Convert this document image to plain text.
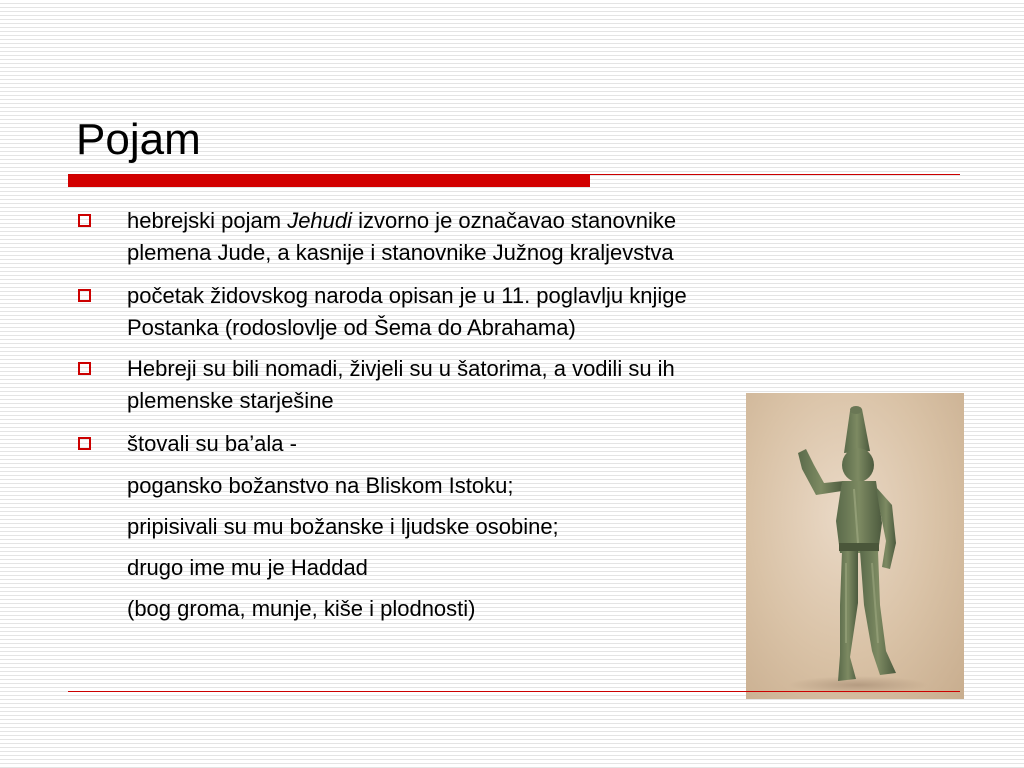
Pojam
hebrejski pojam Jehudi izvorno je označavao stanovnike
plemena Jude, a kasnije i stanovnike Južnog kraljevstva
početak židovskog naroda opisan je u 11. poglavlju knjige
Postanka (rodoslovlje od Šema do Abrahama)
Hebreji su bili nomadi, živjeli su u šatorima, a vodili su ih
plemenske starješine
štovali su ba’ala -
pogansko božanstvo na Bliskom Istoku;
pripisivali su mu božanske i ljudske osobine;
drugo ime mu je Haddad
(bog groma, munje, kiše i plodnosti)
